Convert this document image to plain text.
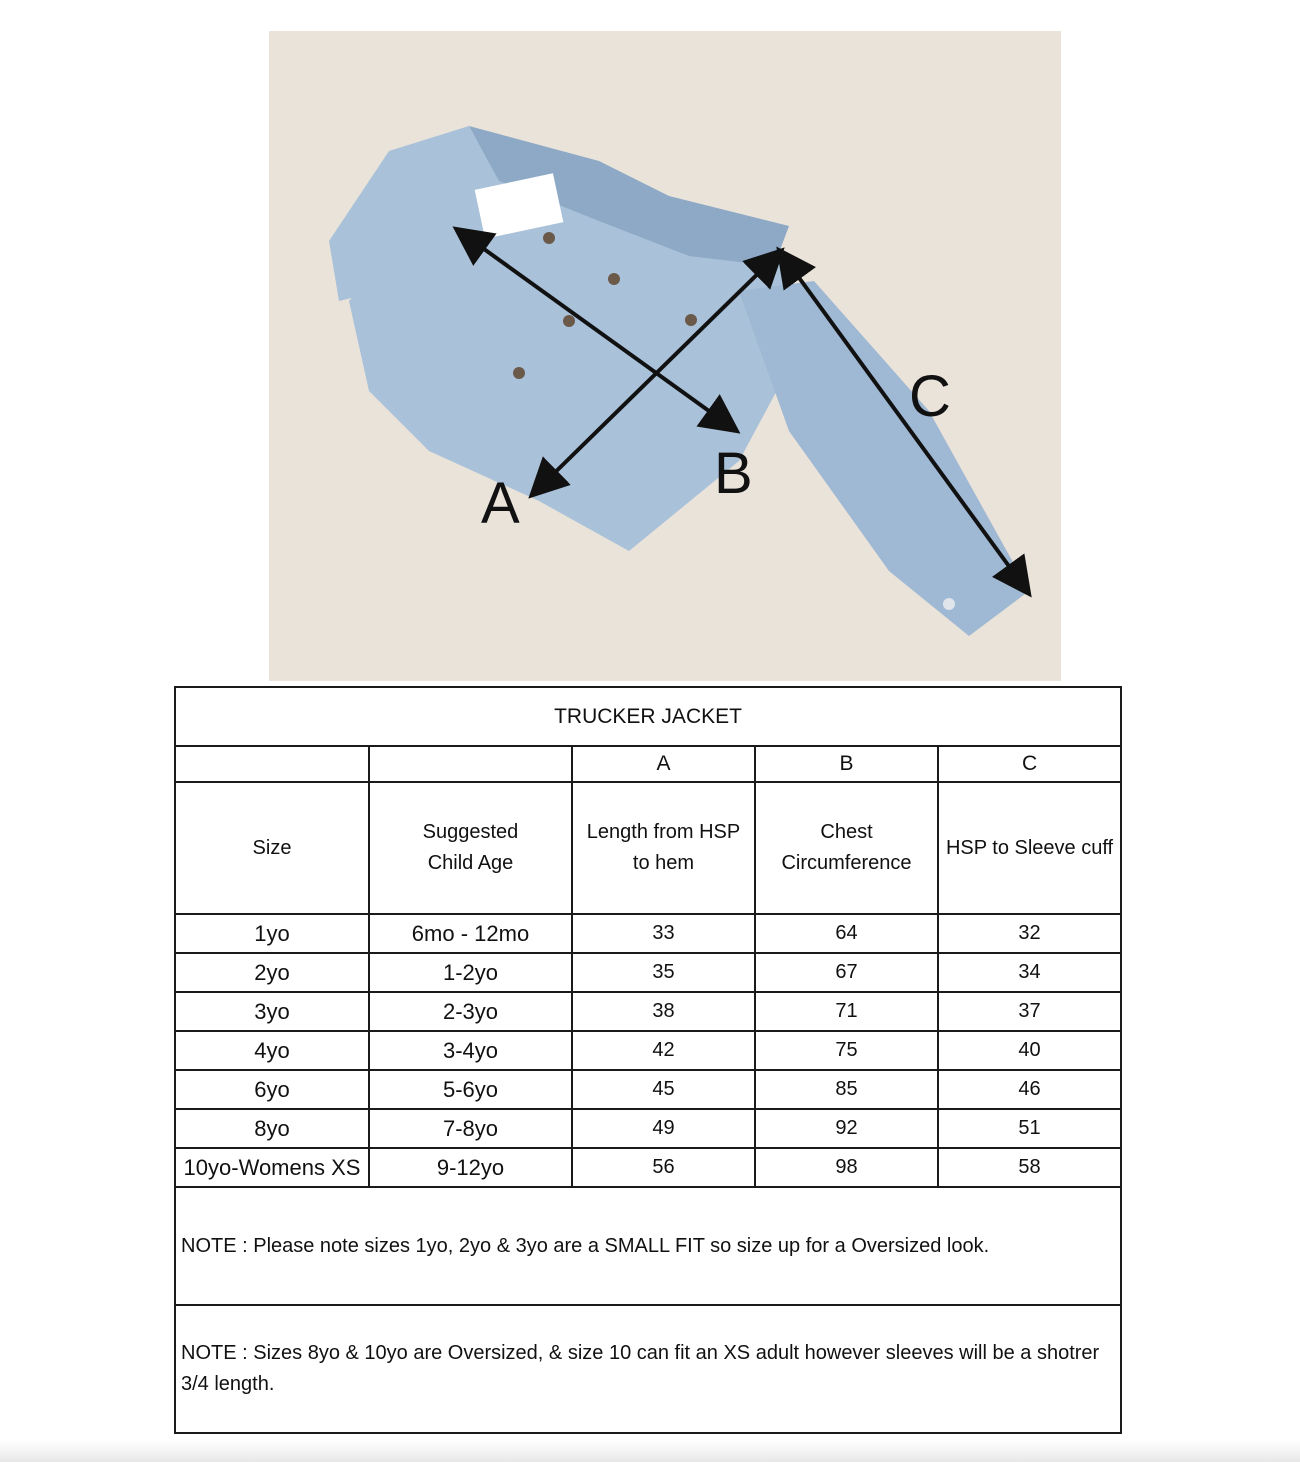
A	B
C
TRUCKER JACKET				
		A	B	C
Size	Suggested Child Age	Length from HSP to hem	Chest Circumference	HSP to Sleeve cuff
1yo	6mo - 12mo	33	64	32
2yo	1-2yo	35	67	34
3yo	2-3yo	38	71	37
4yo	3-4yo	42	75	40
6yo	5-6yo	45	85	46
8yo	7-8yo	49	92	51
10yo-Womens XS	9-12yo	56	98	58
NOTE : Please note sizes 1yo, 2yo & 3yo are a SMALL FIT so size up for a Oversized look.				
NOTE : Sizes 8yo & 10yo are Oversized, & size 10 can fit an XS adult however sleeves will be a shotrer 3/4 length.				
